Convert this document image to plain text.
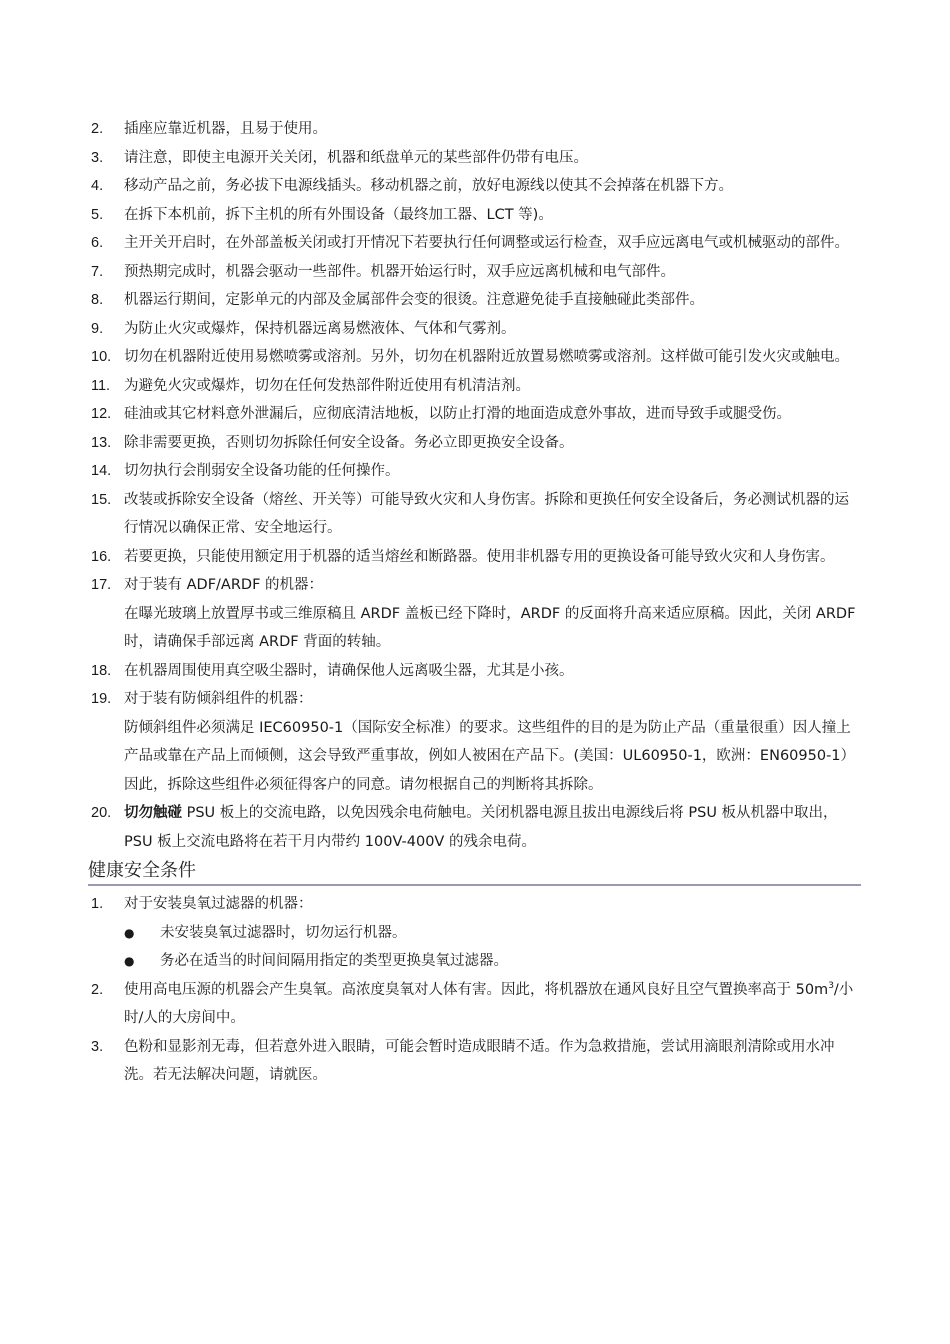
2. 插座应靠近机器，且易于使用。
3. 请注意，即使主电源开关关闭，机器和纸盘单元的某些部件仍带有电压。
4. 移动产品之前，务必拔下电源线插头。移动机器之前，放好电源线以使其不会掉落在机器下方。
5. 在拆下本机前，拆下主机的所有外围设备（最终加工器、LCT 等)。
6. 主开关开启时，在外部盖板关闭或打开情况下若要执行任何调整或运行检查，双手应远离电气或机械驱动的部件。
7. 预热期完成时，机器会驱动一些部件。机器开始运行时，双手应远离机械和电气部件。
8. 机器运行期间，定影单元的内部及金属部件会变的很烫。注意避免徒手直接触碰此类部件。
9. 为防止火灾或爆炸，保持机器远离易燃液体、气体和气雾剂。
10. 切勿在机器附近使用易燃喷雾或溶剂。另外，切勿在机器附近放置易燃喷雾或溶剂。这样做可能引发火灾或触电。
11. 为避免火灾或爆炸，切勿在任何发热部件附近使用有机清洁剂。
12. 硅油或其它材料意外泄漏后，应彻底清洁地板，以防止打滑的地面造成意外事故，进而导致手或腿受伤。
13. 除非需要更换，否则切勿拆除任何安全设备。务必立即更换安全设备。
14. 切勿执行会削弱安全设备功能的任何操作。
15. 改装或拆除安全设备（熔丝、开关等）可能导致火灾和人身伤害。拆除和更换任何安全设备后，务必测试机器的运行情况以确保正常、安全地运行。
16. 若要更换，只能使用额定用于机器的适当熔丝和断路器。使用非机器专用的更换设备可能导致火灾和人身伤害。
17. 对于装有 ADF/ARDF 的机器：
在曝光玻璃上放置厚书或三维原稿且 ARDF 盖板已经下降时，ARDF 的反面将升高来适应原稿。因此，关闭 ARDF 时，请确保手部远离 ARDF 背面的转轴。
18. 在机器周围使用真空吸尘器时，请确保他人远离吸尘器，尤其是小孩。
19. 对于装有防倾斜组件的机器：
防倾斜组件必须满足 IEC60950-1（国际安全标准）的要求。这些组件的目的是为防止产品（重量很重）因人撞上产品或靠在产品上而倾侧，这会导致严重事故，例如人被困在产品下。(美国：UL60950-1，欧洲：EN60950-1） 因此，拆除这些组件必须征得客户的同意。请勿根据自己的判断将其拆除。
20. 切勿触碰 PSU 板上的交流电路，以免因残余电荷触电。关闭机器电源且拔出电源线后将 PSU 板从机器中取出，PSU 板上交流电路将在若干月内带约 100V-400V 的残余电荷。
健康安全条件
1. 对于安装臭氧过滤器的机器：
● 未安装臭氧过滤器时，切勿运行机器。
● 务必在适当的时间间隔用指定的类型更换臭氧过滤器。
2. 使用高电压源的机器会产生臭氧。高浓度臭氧对人体有害。因此，将机器放在通风良好且空气置换率高于 $50m^3/$小时/人的大房间中。
3. 色粉和显影剂无毒，但若意外进入眼睛，可能会暂时造成眼睛不适。作为急救措施，尝试用滴眼剂清除或用水冲洗。若无法解决问题，请就医。
